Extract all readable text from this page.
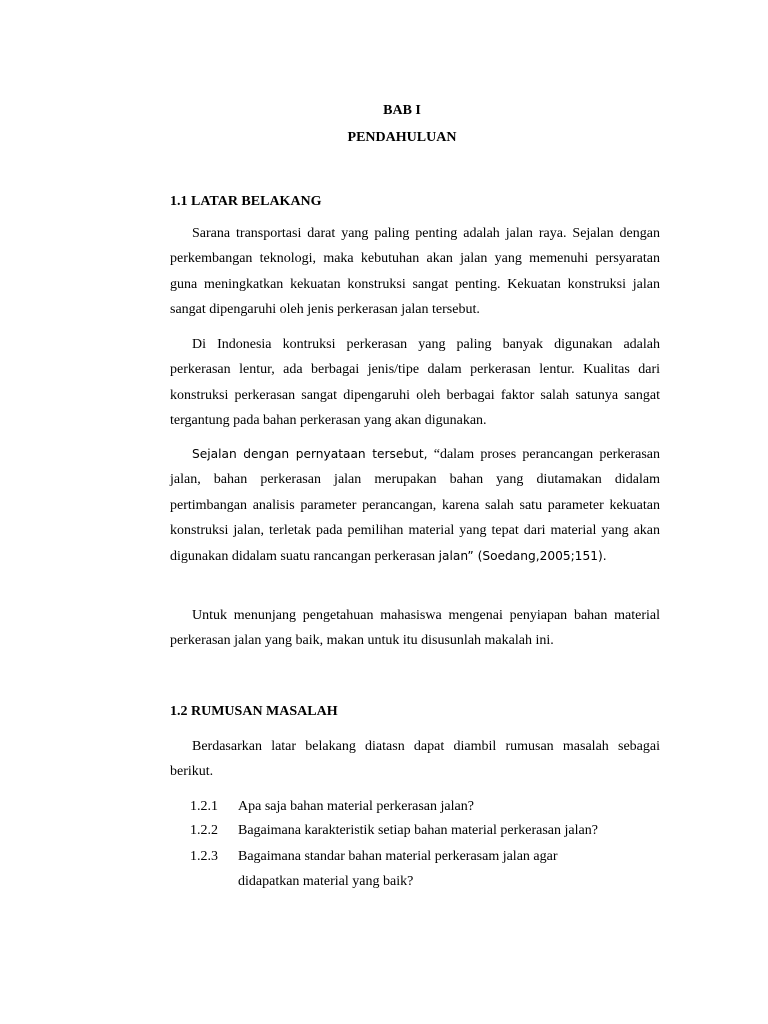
BAB I

PENDAHULUAN

1.1 LATAR BELAKANG

Sarana transportasi darat yang paling penting adalah jalan raya. Sejalan dengan perkembangan teknologi, maka kebutuhan akan jalan yang memenuhi persyaratan guna meningkatkan kekuatan konstruksi sangat penting. Kekuatan konstruksi jalan sangat dipengaruhi oleh jenis perkerasan jalan tersebut.

Di Indonesia kontruksi perkerasan yang paling banyak digunakan adalah perkerasan lentur, ada berbagai jenis/tipe dalam perkerasan lentur. Kualitas dari konstruksi perkerasan sangat dipengaruhi oleh berbagai faktor salah satunya sangat tergantung pada bahan perkerasan yang akan digunakan.

Sejalan dengan pernyataan tersebut, “dalam proses perancangan perkerasan jalan, bahan perkerasan jalan merupakan bahan yang diutamakan didalam pertimbangan analisis parameter perancangan, karena salah satu parameter kekuatan konstruksi jalan, terletak pada pemilihan material yang tepat dari material yang akan digunakan didalam suatu rancangan perkerasan jalan” (Soedang,2005;151).

Untuk menunjang pengetahuan mahasiswa mengenai penyiapan bahan material perkerasan jalan yang baik, makan untuk itu disusunlah makalah ini.

1.2 RUMUSAN MASALAH

Berdasarkan latar belakang diatasn dapat diambil rumusan masalah sebagai berikut.

1.2.1 Apa saja bahan material perkerasan jalan?

1.2.2 Bagaimana karakteristik setiap bahan material perkerasan jalan?

1.2.3 Bagaimana standar bahan material perkerasam jalan agar

didapatkan material yang baik?
